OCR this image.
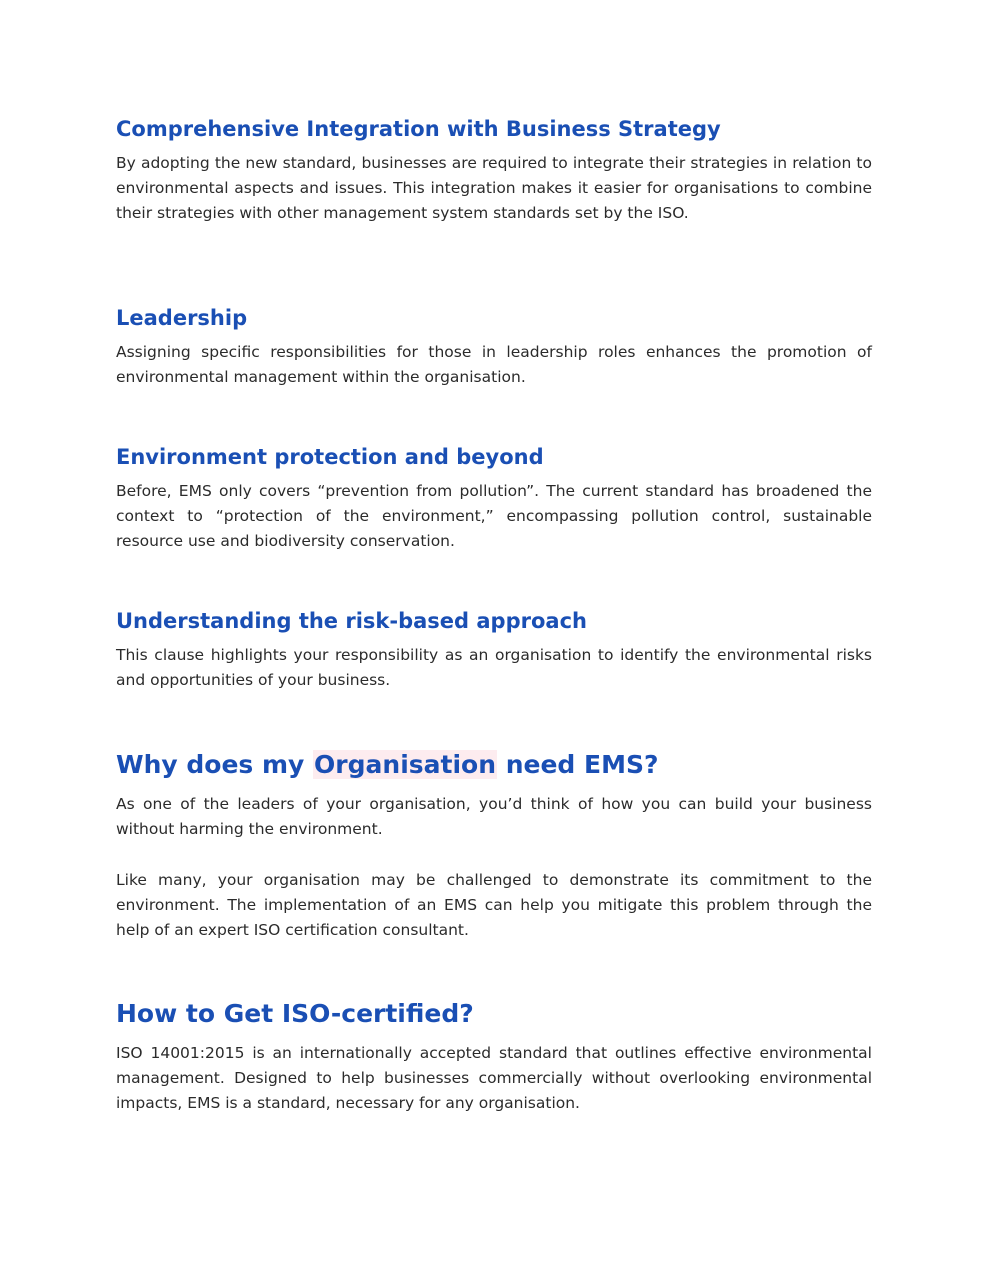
Comprehensive Integration with Business Strategy

By adopting the new standard, businesses are required to integrate their strategies in relation to environmental aspects and issues. This integration makes it easier for organisations to combine their strategies with other management system standards set by the ISO.

Leadership

Assigning specific responsibilities for those in leadership roles enhances the promotion of environmental management within the organisation.

Environment protection and beyond

Before, EMS only covers “prevention from pollution”. The current standard has broadened the context to “protection of the environment,” encompassing pollution control, sustainable resource use and biodiversity conservation.

Understanding the risk-based approach

This clause highlights your responsibility as an organisation to identify the environmental risks and opportunities of your business.

Why does my Organisation need EMS?

As one of the leaders of your organisation, you’d think of how you can build your business without harming the environment.

Like many, your organisation may be challenged to demonstrate its commitment to the environment. The implementation of an EMS can help you mitigate this problem through the help of an expert ISO certification consultant.

How to Get ISO-certified?

ISO 14001:2015 is an internationally accepted standard that outlines effective environmental management. Designed to help businesses commercially without overlooking environmental impacts, EMS is a standard, necessary for any organisation.
